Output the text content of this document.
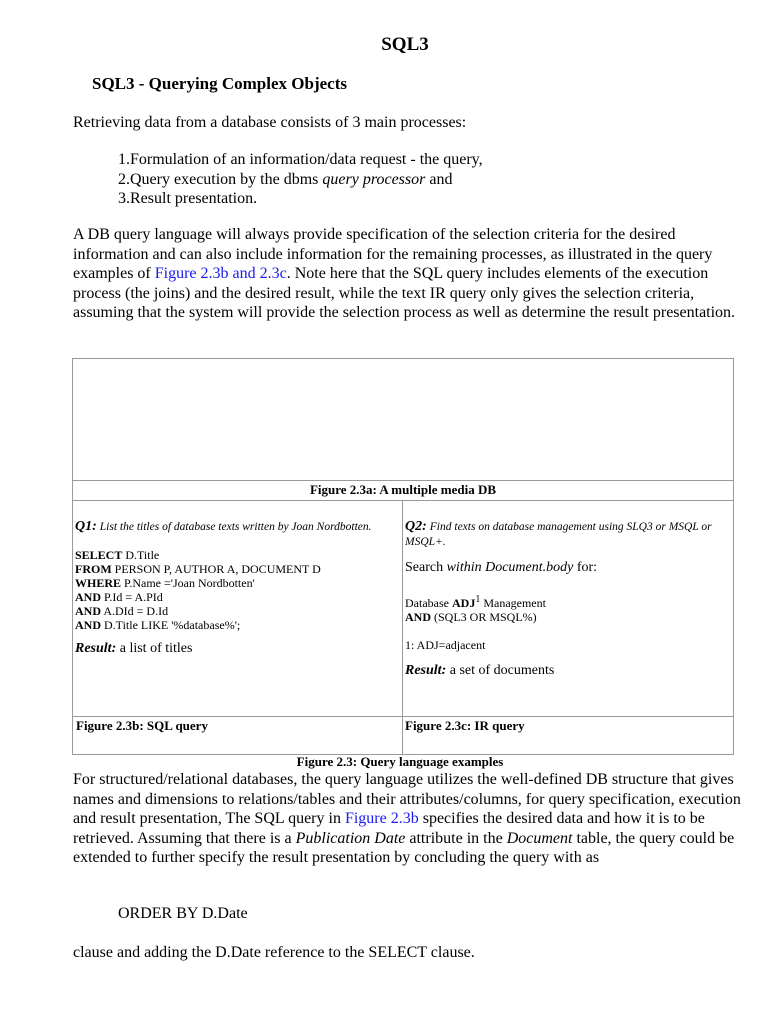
SQL3
SQL3 - Querying Complex Objects
Retrieving data from a database consists of 3 main processes:
1.Formulation of an information/data request - the query,
2.Query execution by the dbms query processor and
3.Result presentation.
A DB query language will always provide specification of the selection criteria for the desired information and can also include information for the remaining processes, as illustrated in the query examples of Figure 2.3b and 2.3c. Note here that the SQL query includes elements of the execution process (the joins) and the desired result, while the text IR query only gives the selection criteria, assuming that the system will provide the selection process as well as determine the result presentation.
Figure 2.3a: A multiple media DB
Q1: List the titles of database texts written by Joan Nordbotten.
SELECT D.Title
FROM PERSON P, AUTHOR A, DOCUMENT D
WHERE P.Name ='Joan Nordbotten'
AND P.Id = A.PId
AND A.DId = D.Id
AND D.Title LIKE '%database%';
Result: a list of titles
Q2: Find texts on database management using SLQ3 or MSQL or MSQL+.
Search within Document.body for:
Database ADJ$^1$ Management
AND (SQL3 OR MSQL%)
1: ADJ=adjacent
Result: a set of documents
Figure 2.3b: SQL query	Figure 2.3c: IR query
Figure 2.3: Query language examples
For structured/relational databases, the query language utilizes the well-defined DB structure that gives names and dimensions to relations/tables and their attributes/columns, for query specification, execution and result presentation, The SQL query in Figure 2.3b specifies the desired data and how it is to be retrieved. Assuming that there is a Publication Date attribute in the Document table, the query could be extended to further specify the result presentation by concluding the query with as
ORDER BY D.Date
clause and adding the D.Date reference to the SELECT clause.
